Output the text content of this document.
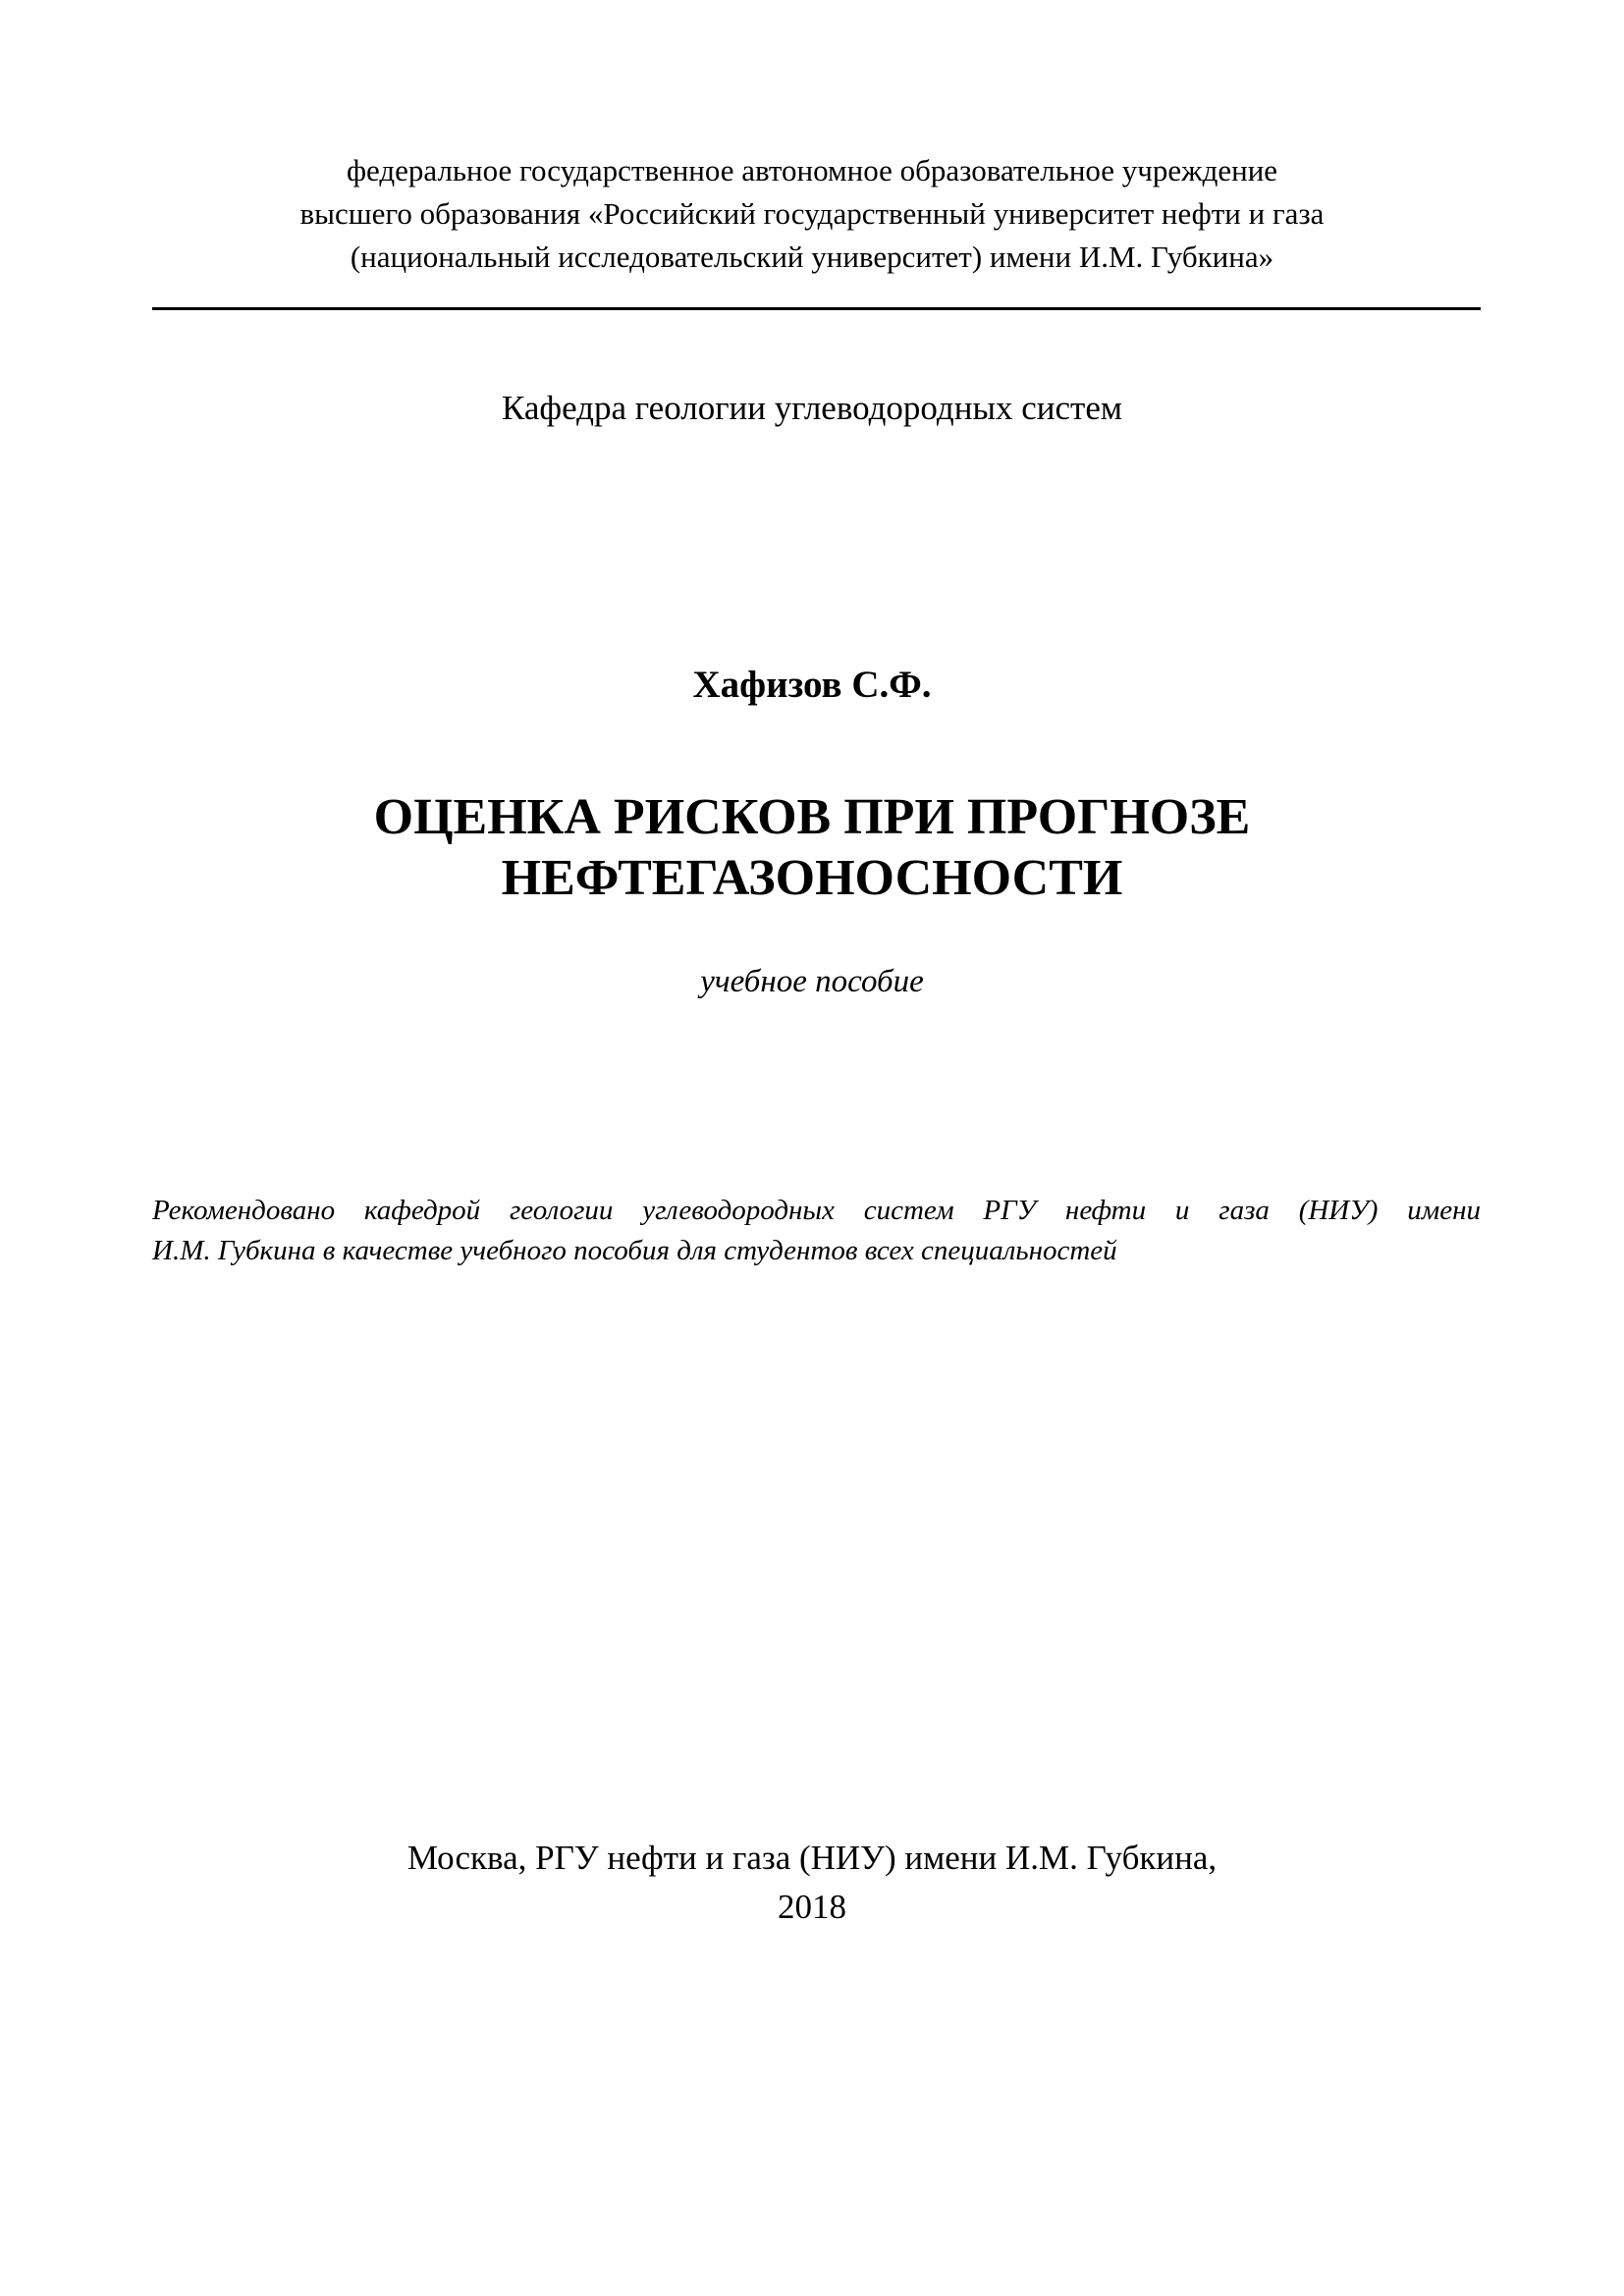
федеральное государственное автономное образовательное учреждение
высшего образования «Российский государственный университет нефти и газа
(национальный исследовательский университет) имени И.М. Губкина»
Кафедра геологии углеводородных систем
Хафизов С.Ф.
ОЦЕНКА РИСКОВ ПРИ ПРОГНОЗЕ
НЕФТЕГАЗОНОСНОСТИ
учебное пособие
Рекомендовано кафедрой геологии углеводородных систем РГУ нефти и газа (НИУ) имени
И.М. Губкина в качестве учебного пособия для студентов всех специальностей
Москва, РГУ нефти и газа (НИУ) имени И.М. Губкина,
2018
